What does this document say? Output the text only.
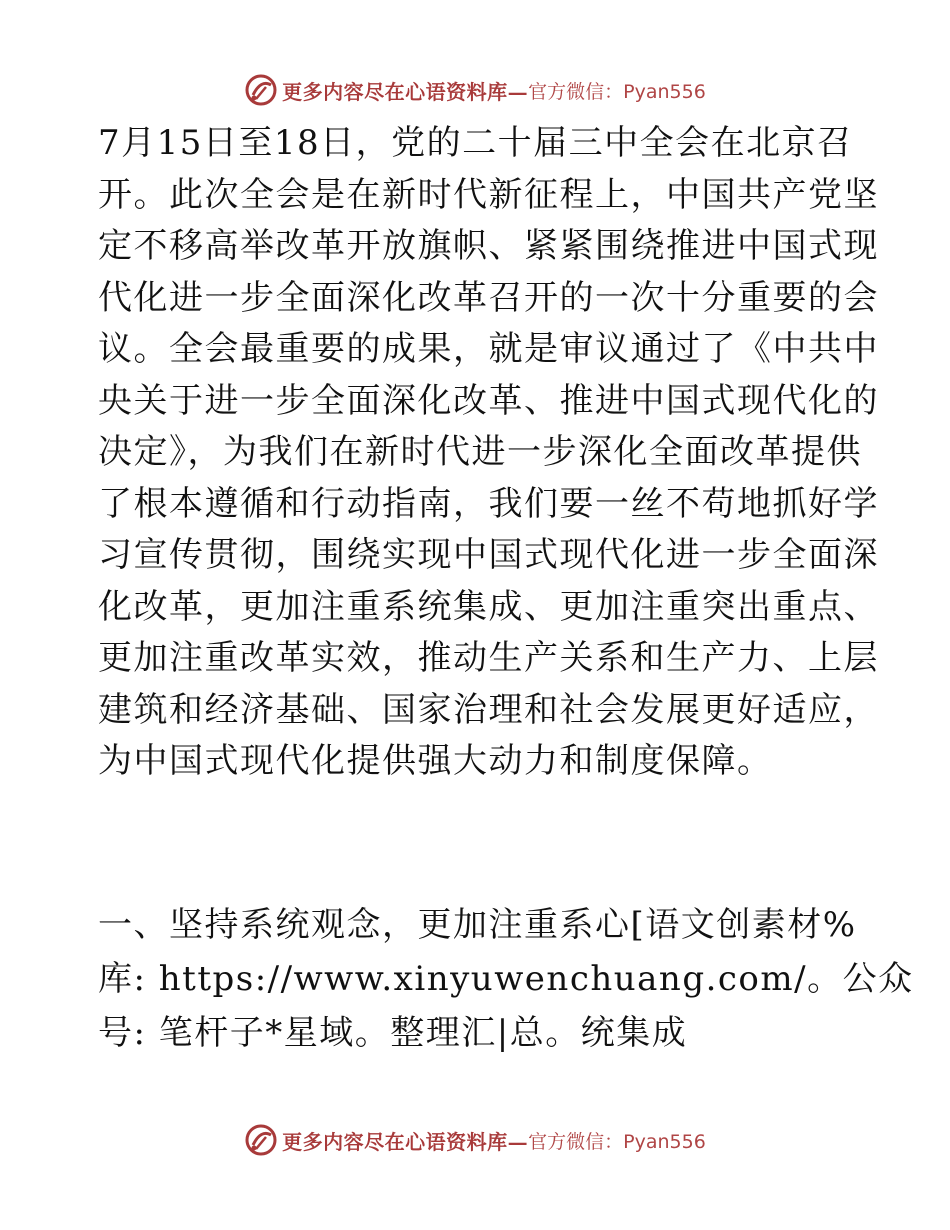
更多内容尽在心语资料库— 官方微信：Pyan556
7月15日至18日，党的二十届三中全会在北京召
开。此次全会是在新时代新征程上，中国共产党坚
定不移高举改革开放旗帜、紧紧围绕推进中国式现
代化进一步全面深化改革召开的一次十分重要的会
议。全会最重要的成果，就是审议通过了《中共中
央关于进一步全面深化改革、推进中国式现代化的
决定》，为我们在新时代进一步深化全面改革提供
了根本遵循和行动指南，我们要一丝不苟地抓好学
习宣传贯彻，围绕实现中国式现代化进一步全面深
化改革，更加注重系统集成、更加注重突出重点、
更加注重改革实效，推动生产关系和生产力、上层
建筑和经济基础、国家治理和社会发展更好适应，
为中国式现代化提供强大动力和制度保障。
一、坚持系统观念，更加注重系心[语文创素材%
库: https://www.xinyuwenchuang.com/。公众
号: 笔杆子*星域。整理汇|总。统集成
更多内容尽在心语资料库— 官方微信：Pyan556
